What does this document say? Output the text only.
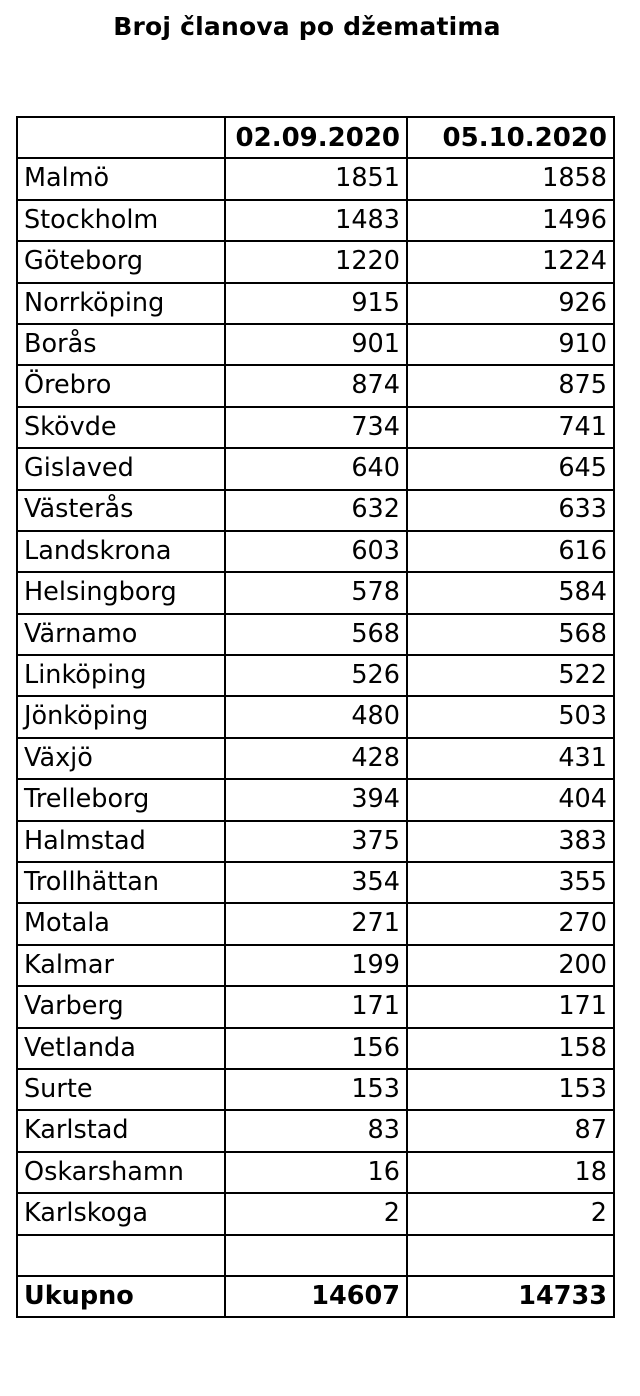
Broj članova po džematima
	02.09.2020	05.10.2020
Malmö	1851	1858
Stockholm	1483	1496
Göteborg	1220	1224
Norrköping	915	926
Borås	901	910
Örebro	874	875
Skövde	734	741
Gislaved	640	645
Västerås	632	633
Landskrona	603	616
Helsingborg	578	584
Värnamo	568	568
Linköping	526	522
Jönköping	480	503
Växjö	428	431
Trelleborg	394	404
Halmstad	375	383
Trollhättan	354	355
Motala	271	270
Kalmar	199	200
Varberg	171	171
Vetlanda	156	158
Surte	153	153
Karlstad	83	87
Oskarshamn	16	18
Karlskoga	2	2

Ukupno	14607	14733
